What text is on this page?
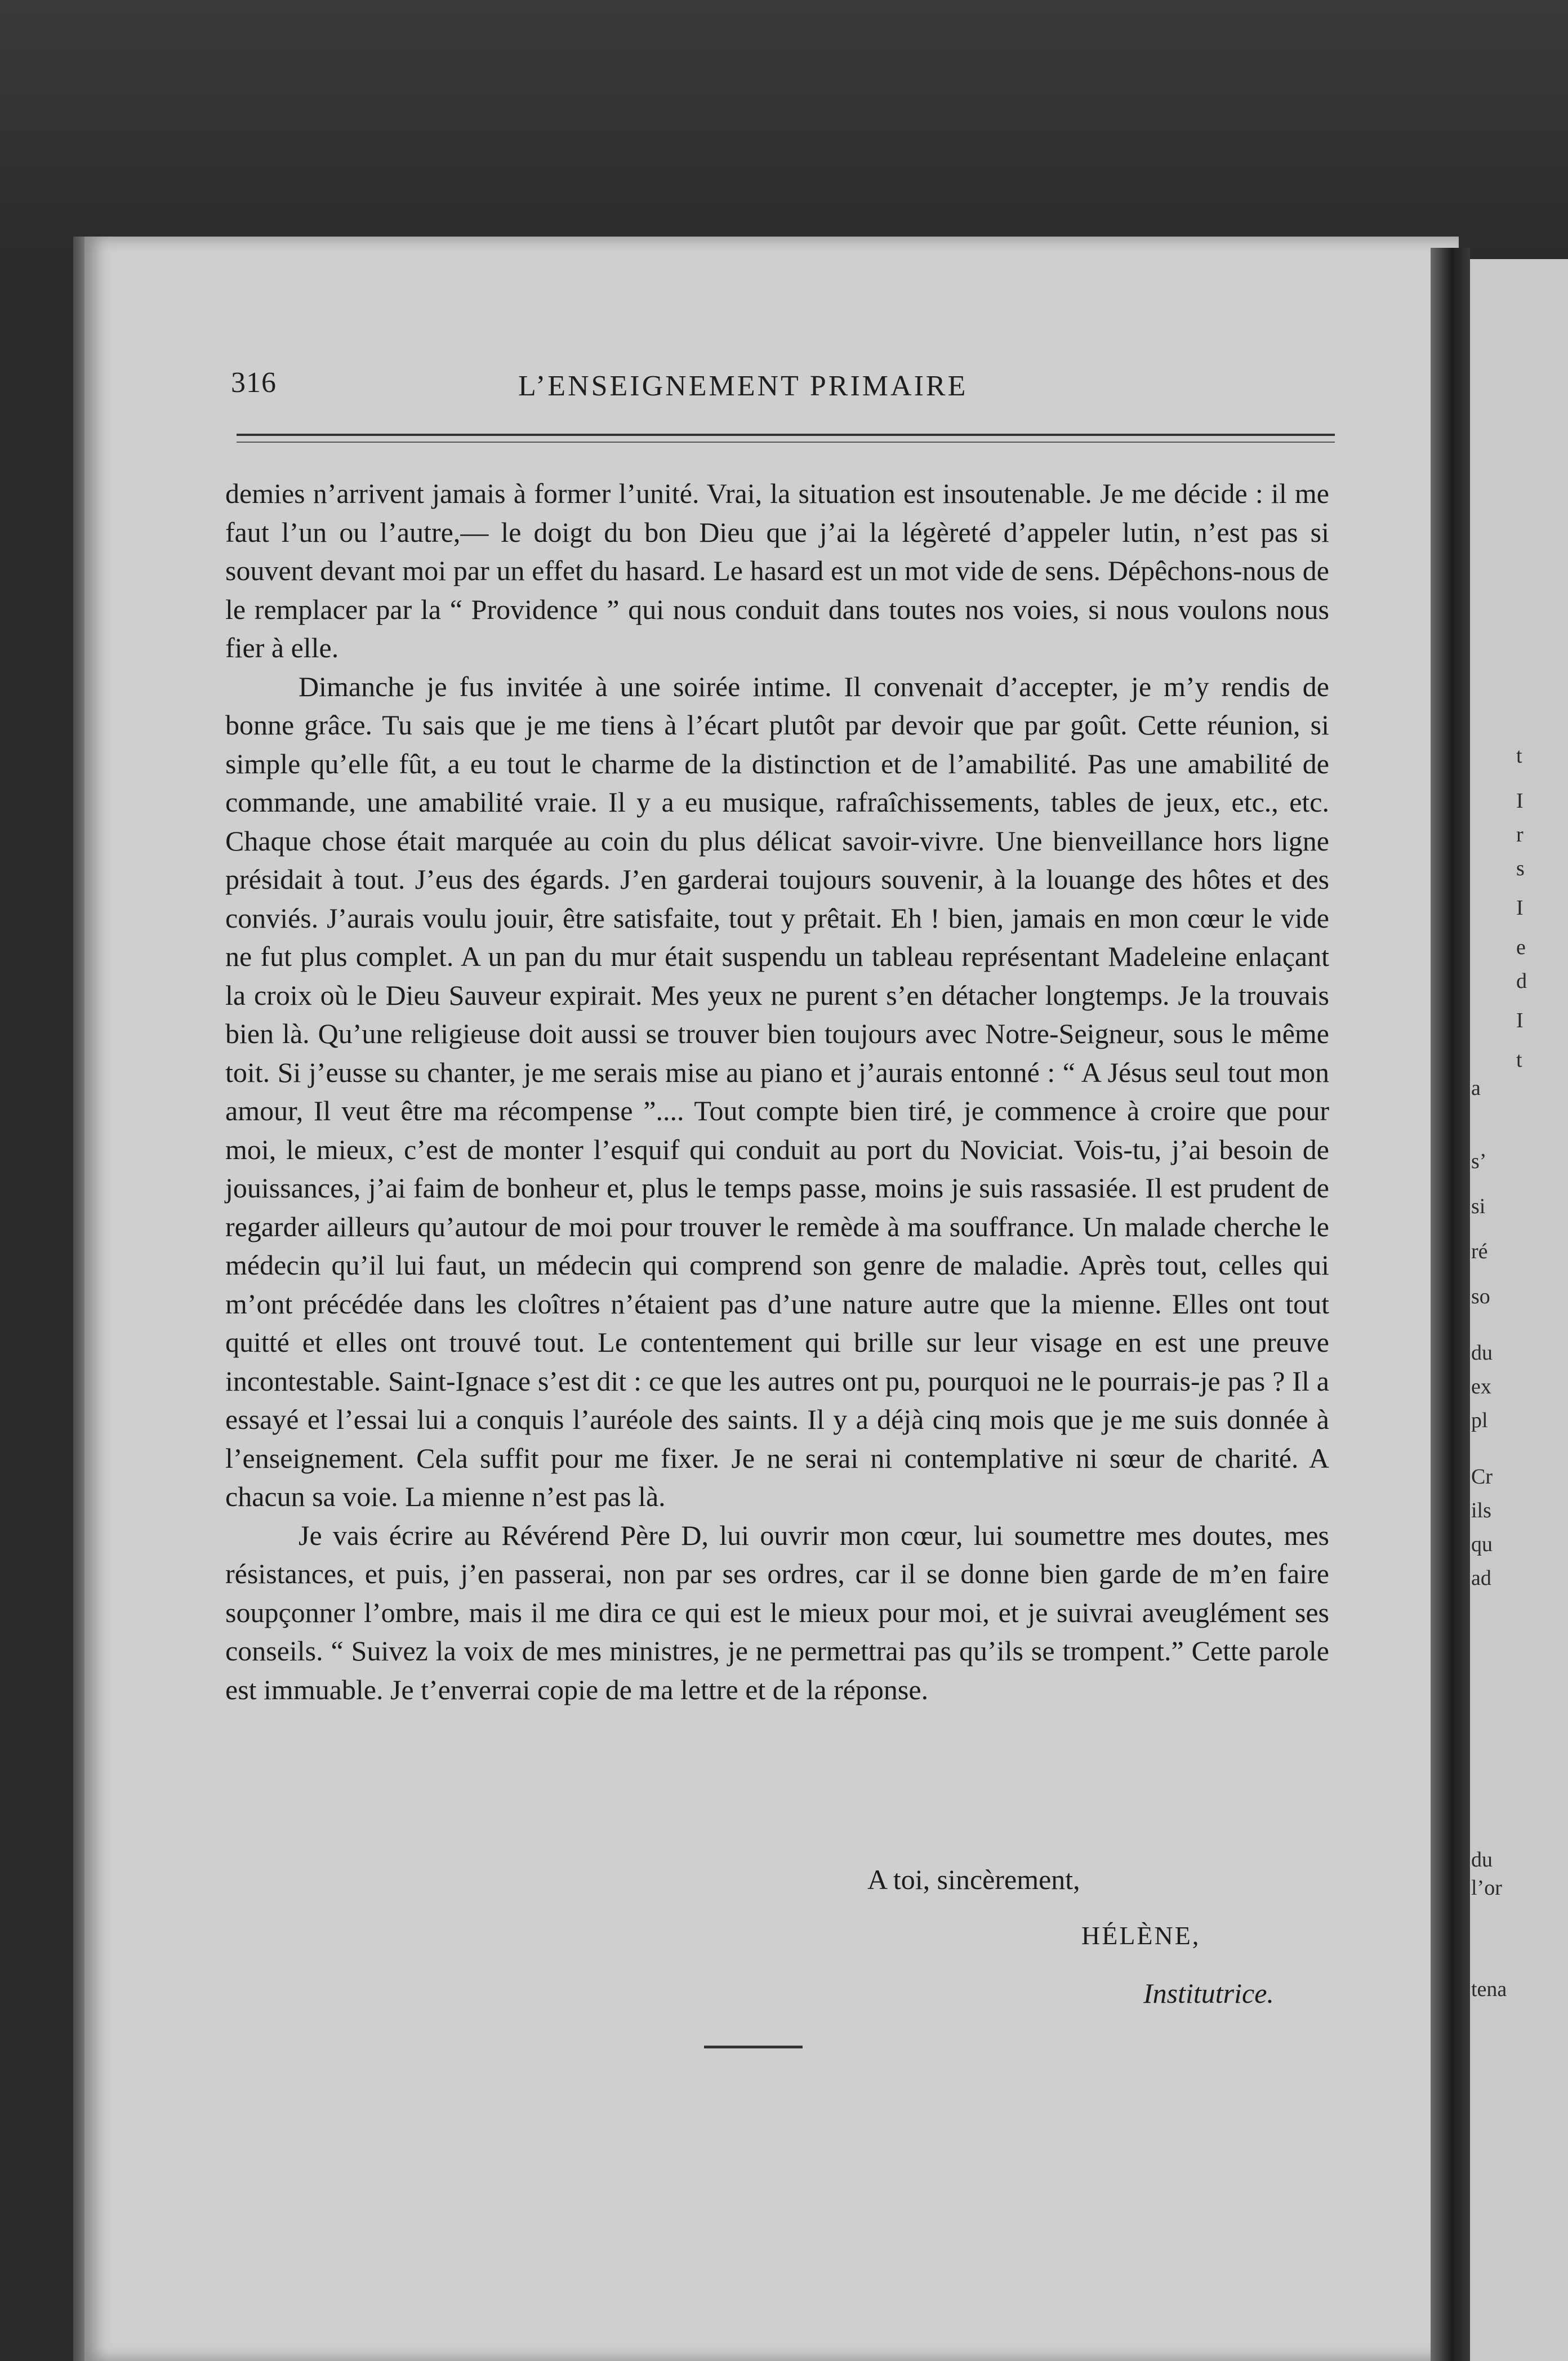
316	L’ENSEIGNEMENT PRIMAIRE

demies n’arrivent jamais à former l’unité. Vrai, la situation est insoutenable. Je me décide : il me faut l’un ou l’autre,— le doigt du bon Dieu que j’ai la légèreté d’appeler lutin, n’est pas si souvent devant moi par un effet du hasard. Le hasard est un mot vide de sens. Dépêchons-nous de le remplacer par la “ Providence ” qui nous conduit dans toutes nos voies, si nous voulons nous fier à elle.

Dimanche je fus invitée à une soirée intime. Il convenait d’accepter, je m’y rendis de bonne grâce. Tu sais que je me tiens à l’écart plutôt par devoir que par goût. Cette réunion, si simple qu’elle fût, a eu tout le charme de la distinction et de l’amabilité. Pas une amabilité de commande, une amabilité vraie. Il y a eu musique, rafraîchissements, tables de jeux, etc., etc. Chaque chose était marquée au coin du plus délicat savoir-vivre. Une bienveillance hors ligne présidait à tout. J’eus des égards. J’en garderai toujours souvenir, à la louange des hôtes et des conviés. J’aurais voulu jouir, être satisfaite, tout y prêtait. Eh ! bien, jamais en mon cœur le vide ne fut plus complet. A un pan du mur était suspendu un tableau représentant Madeleine enlaçant la croix où le Dieu Sauveur expirait. Mes yeux ne purent s’en détacher longtemps. Je la trouvais bien là. Qu’une religieuse doit aussi se trouver bien toujours avec Notre-Seigneur, sous le même toit. Si j’eusse su chanter, je me serais mise au piano et j’aurais entonné : “ A Jésus seul tout mon amour, Il veut être ma récompense ”.... Tout compte bien tiré, je commence à croire que pour moi, le mieux, c’est de monter l’esquif qui conduit au port du Noviciat. Vois-tu, j’ai besoin de jouissances, j’ai faim de bonheur et, plus le temps passe, moins je suis rassasiée. Il est prudent de regarder ailleurs qu’autour de moi pour trouver le remède à ma souffrance. Un malade cherche le médecin qu’il lui faut, un médecin qui comprend son genre de maladie. Après tout, celles qui m’ont précédée dans les cloîtres n’étaient pas d’une nature autre que la mienne. Elles ont tout quitté et elles ont trouvé tout. Le contentement qui brille sur leur visage en est une preuve incontestable. Saint-Ignace s’est dit : ce que les autres ont pu, pourquoi ne le pourrais-je pas ? Il a essayé et l’essai lui a conquis l’auréole des saints. Il y a déjà cinq mois que je me suis donnée à l’enseignement. Cela suffit pour me fixer. Je ne serai ni contemplative ni sœur de charité. A chacun sa voie. La mienne n’est pas là.

Je vais écrire au Révérend Père D, lui ouvrir mon cœur, lui soumettre mes doutes, mes résistances, et puis, j’en passerai, non par ses ordres, car il se donne bien garde de m’en faire soupçonner l’ombre, mais il me dira ce qui est le mieux pour moi, et je suivrai aveuglément ses conseils. “ Suivez la voix de mes ministres, je ne permettrai pas qu’ils se trompent.” Cette parole est immuable. Je t’enverrai copie de ma lettre et de la réponse.

A toi, sincèrement,
HÉLÈNE,
Institutrice.
t
I
r
s
I
e
d
I
t
a
s’
si
ré
so
du
ex
pl
Cr
ils
qu
ad
du
l’or
tena
